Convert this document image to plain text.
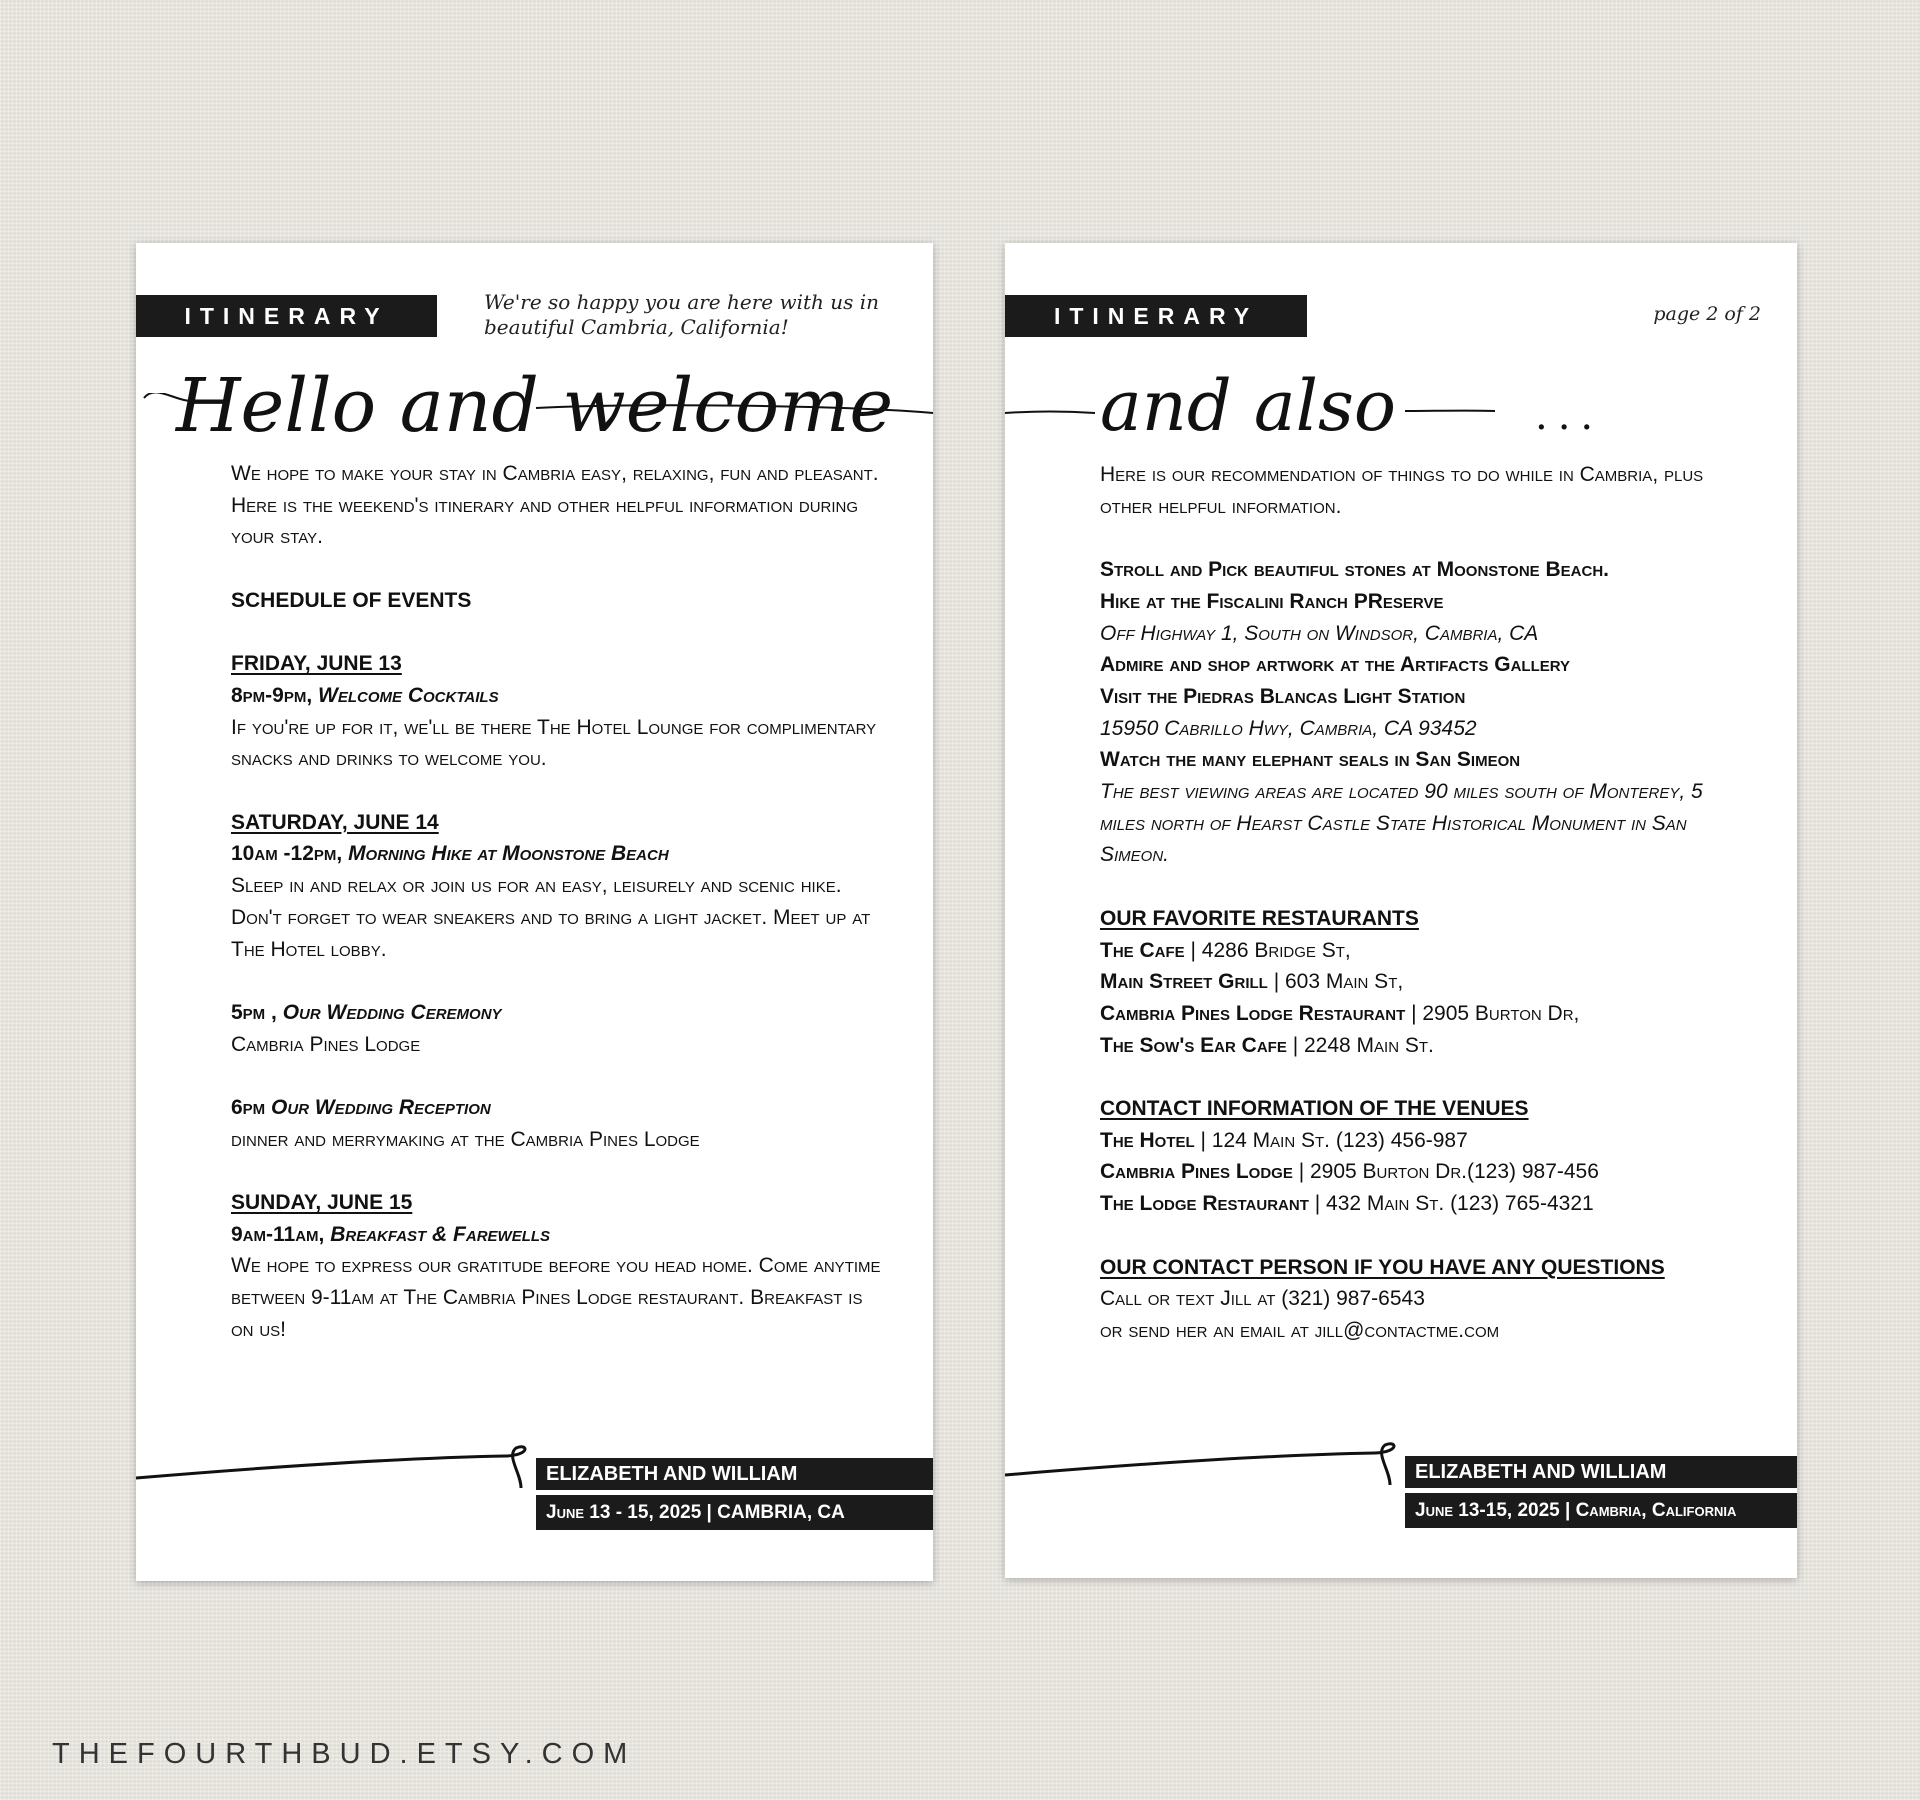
ITINERARY
We're so happy you are here with us in beautiful Cambria, California!
Hello and welcome

We hope to make your stay in Cambria easy, relaxing, fun and pleasant. Here is the weekend's itinerary and other helpful information during your stay.

SCHEDULE OF EVENTS

FRIDAY, JUNE 13

8pm-9pm, Welcome Cocktails

If you're up for it, we'll be there The Hotel Lounge for complimentary snacks and drinks to welcome you.

SATURDAY, JUNE 14

10am -12pm, Morning Hike at Moonstone Beach

Sleep in and relax or join us for an easy, leisurely and scenic hike. Don't forget to wear sneakers and to bring a light jacket. Meet up at The Hotel lobby.

5pm , Our Wedding Ceremony

Cambria Pines Lodge

6pm Our Wedding Reception

dinner and merrymaking at the Cambria Pines Lodge

SUNDAY, JUNE 15

9am-11am, Breakfast & Farewells

We hope to express our gratitude before you head home. Come anytime between 9-11am at The Cambria Pines Lodge restaurant. Breakfast is on us!

ELIZABETH AND WILLIAM
June 13 - 15, 2025 | CAMBRIA, CA
ITINERARY	page 2 of 2
and also	...

Here is our recommendation of things to do while in Cambria, plus other helpful information.

Stroll and Pick beautiful stones at Moonstone Beach.

Hike at the Fiscalini Ranch PReserve

Off Highway 1, South on Windsor, Cambria, CA

Admire and shop artwork at the Artifacts Gallery

Visit the Piedras Blancas Light Station

15950 Cabrillo Hwy, Cambria, CA 93452

Watch the many elephant seals in San Simeon

The best viewing areas are located 90 miles south of Monterey, 5 miles north of Hearst Castle State Historical Monument in San Simeon.

OUR FAVORITE RESTAURANTS

The Cafe | 4286 Bridge St,

Main Street Grill | 603 Main St,

Cambria Pines Lodge Restaurant | 2905 Burton Dr,

The Sow's Ear Cafe | 2248 Main St.

CONTACT INFORMATION OF THE VENUES

The Hotel | 124 Main St. (123) 456-987

Cambria Pines Lodge | 2905 Burton Dr.(123) 987-456

The Lodge Restaurant | 432 Main St. (123) 765-4321

OUR CONTACT PERSON IF YOU HAVE ANY QUESTIONS

Call or text Jill at (321) 987-6543

or send her an email at jill@contactme.com

ELIZABETH AND WILLIAM
June 13-15, 2025 | Cambria, California
THEFOURTHBUD.ETSY.COM
